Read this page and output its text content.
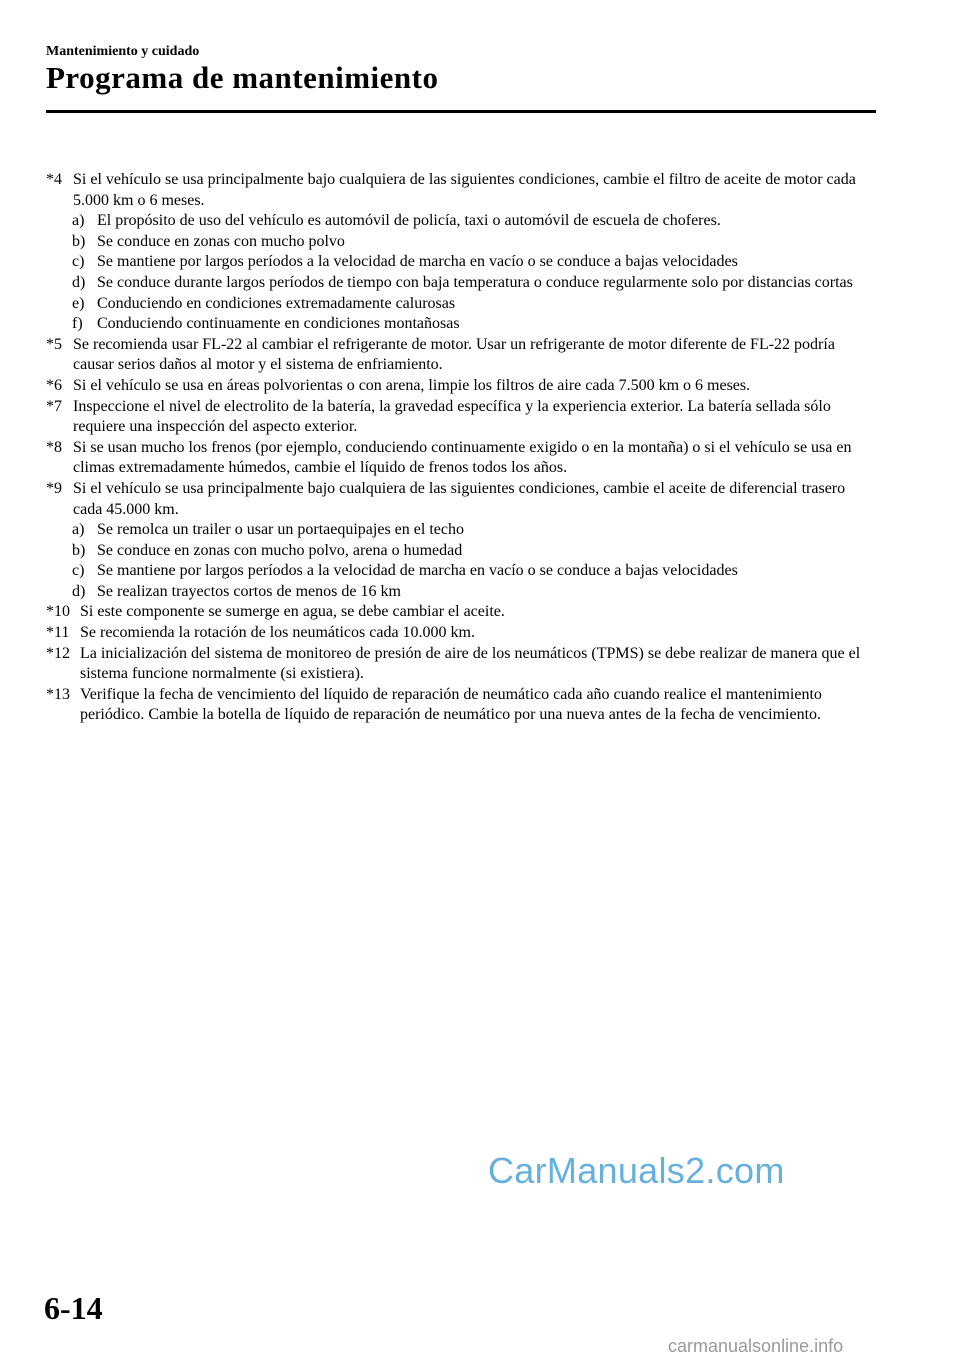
Mantenimiento y cuidado
Programa de mantenimiento
*4 Si el vehículo se usa principalmente bajo cualquiera de las siguientes condiciones, cambie el filtro de aceite de motor cada 5.000 km o 6 meses.
a) El propósito de uso del vehículo es automóvil de policía, taxi o automóvil de escuela de choferes.
b) Se conduce en zonas con mucho polvo
c) Se mantiene por largos períodos a la velocidad de marcha en vacío o se conduce a bajas velocidades
d) Se conduce durante largos períodos de tiempo con baja temperatura o conduce regularmente solo por distancias cortas
e) Conduciendo en condiciones extremadamente calurosas
f) Conduciendo continuamente en condiciones montañosas
*5 Se recomienda usar FL-22 al cambiar el refrigerante de motor. Usar un refrigerante de motor diferente de FL-22 podría causar serios daños al motor y el sistema de enfriamiento.
*6 Si el vehículo se usa en áreas polvorientas o con arena, limpie los filtros de aire cada 7.500 km o 6 meses.
*7 Inspeccione el nivel de electrolito de la batería, la gravedad específica y la experiencia exterior. La batería sellada sólo requiere una inspección del aspecto exterior.
*8 Si se usan mucho los frenos (por ejemplo, conduciendo continuamente exigido o en la montaña) o si el vehículo se usa en climas extremadamente húmedos, cambie el líquido de frenos todos los años.
*9 Si el vehículo se usa principalmente bajo cualquiera de las siguientes condiciones, cambie el aceite de diferencial trasero cada 45.000 km.
a) Se remolca un trailer o usar un portaequipajes en el techo
b) Se conduce en zonas con mucho polvo, arena o humedad
c) Se mantiene por largos períodos a la velocidad de marcha en vacío o se conduce a bajas velocidades
d) Se realizan trayectos cortos de menos de 16 km
*10 Si este componente se sumerge en agua, se debe cambiar el aceite.
*11 Se recomienda la rotación de los neumáticos cada 10.000 km.
*12 La inicialización del sistema de monitoreo de presión de aire de los neumáticos (TPMS) se debe realizar de manera que el sistema funcione normalmente (si existiera).
*13 Verifique la fecha de vencimiento del líquido de reparación de neumático cada año cuando realice el mantenimiento periódico. Cambie la botella de líquido de reparación de neumático por una nueva antes de la fecha de vencimiento.
CarManuals2.com
6-14
carmanualsonline.info
